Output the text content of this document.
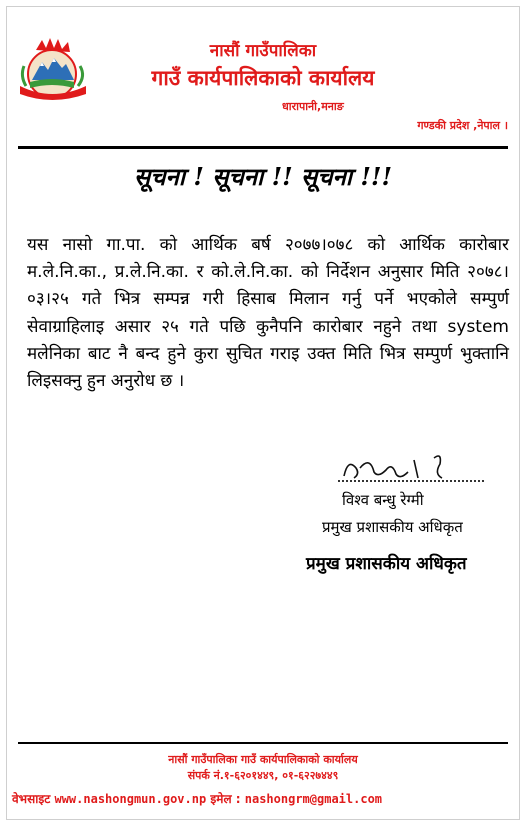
नासौं गाउँपालिका
गाउँ कार्यपालिकाको कार्यालय
धारापानी,मनाङ
गण्डकी प्रदेश ,नेपाल ।
सूचना ! सूचना !! सूचना !!!
यस नासो गा.पा. को आर्थिक बर्ष २०७७।०७८ को आर्थिक कारोबार म.ले.नि.का., प्र.ले.नि.का. र को.ले.नि.का. को निर्देशन अनुसार मिति २०७८।०३।२५ गते भित्र सम्पन्न गरी हिसाब मिलान गर्नु पर्ने भएकोले सम्पुर्ण सेवाग्राहिलाइ असार २५ गते पछि कुनैपनि कारोबार नहुने तथा system मलेनिका बाट नै बन्द हुने कुरा सुचित गराइ उक्त मिति भित्र सम्पुर्ण भुक्तानि लिइसक्नु हुन अनुरोध छ ।
विश्व बन्धु रेग्मी
प्रमुख प्रशासकीय अधिकृत
प्रमुख प्रशासकीय अधिकृत
नासौं गाउँपालिका गाउँ कार्यपालिकाको कार्यालय
संपर्क नं.१-६२०१४४९, ०१-६२२७४४९
वेभसाइट www.nashongmun.gov.np इमेल : nashongrm@gmail.com
